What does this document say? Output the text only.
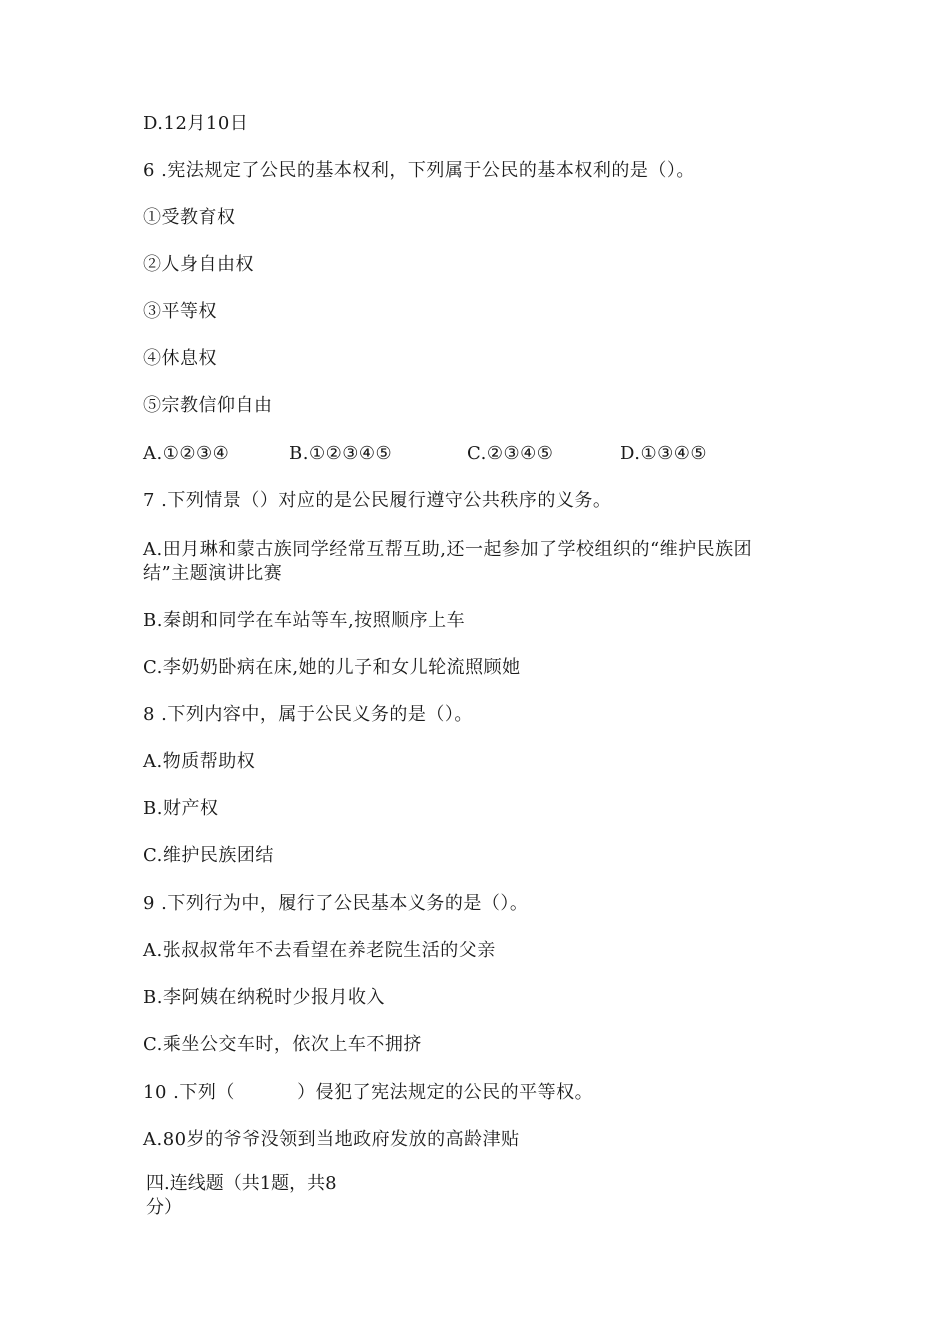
D.12月10日
6 .宪法规定了公民的基本权利，下列属于公民的基本权利的是（）。
①受教育权
②人身自由权
③平等权
④休息权
⑤宗教信仰自由
A.①②③④	B.①②③④⑤	C.②③④⑤	D.①③④⑤
7 .下列情景（）对应的是公民履行遵守公共秩序的义务。
A.田月琳和蒙古族同学经常互帮互助,还一起参加了学校组织的“维护民族团
结”主题演讲比赛
B.秦朗和同学在车站等车,按照顺序上车
C.李奶奶卧病在床,她的儿子和女儿轮流照顾她
8 .下列内容中，属于公民义务的是（）。
A.物质帮助权
B.财产权
C.维护民族团结
9 .下列行为中，履行了公民基本义务的是（）。
A.张叔叔常年不去看望在养老院生活的父亲
B.李阿姨在纳税时少报月收入
C.乘坐公交车时，依次上车不拥挤
10 .下列（          ）侵犯了宪法规定的公民的平等权。
A.80岁的爷爷没领到当地政府发放的高龄津贴
四.连线题（共1题，共8
分）
